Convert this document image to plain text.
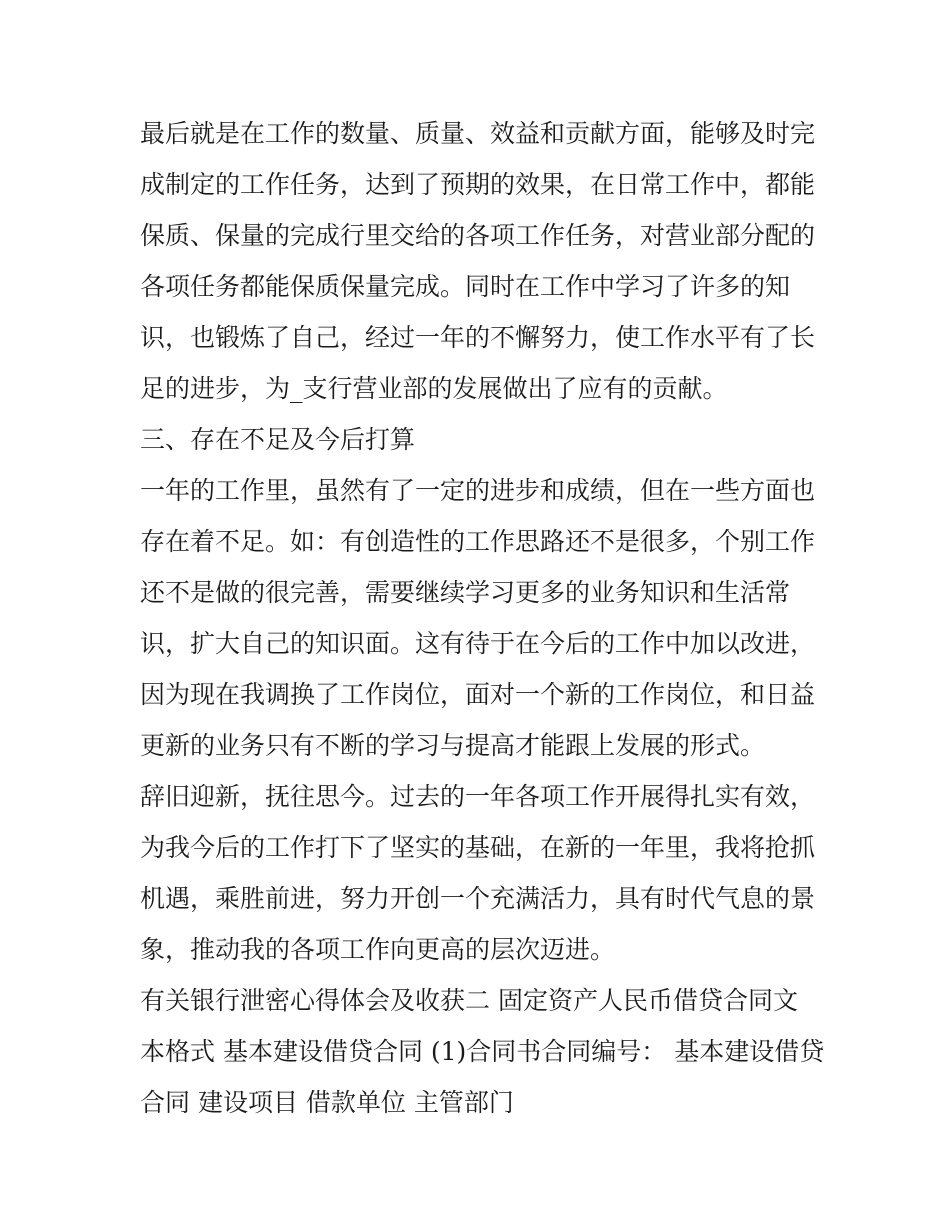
最后就是在工作的数量、质量、效益和贡献方面，能够及时完
成制定的工作任务，达到了预期的效果，在日常工作中，都能
保质、保量的完成行里交给的各项工作任务，对营业部分配的
各项任务都能保质保量完成。同时在工作中学习了许多的知
识，也锻炼了自己，经过一年的不懈努力，使工作水平有了长
足的进步，为_支行营业部的发展做出了应有的贡献。
三、存在不足及今后打算
一年的工作里，虽然有了一定的进步和成绩，但在一些方面也
存在着不足。如：有创造性的工作思路还不是很多，个别工作
还不是做的很完善，需要继续学习更多的业务知识和生活常
识，扩大自己的知识面。这有待于在今后的工作中加以改进，
因为现在我调换了工作岗位，面对一个新的工作岗位，和日益
更新的业务只有不断的学习与提高才能跟上发展的形式。
辞旧迎新，抚往思今。过去的一年各项工作开展得扎实有效，
为我今后的工作打下了坚实的基础，在新的一年里，我将抢抓
机遇，乘胜前进，努力开创一个充满活力，具有时代气息的景
象，推动我的各项工作向更高的层次迈进。
有关银行泄密心得体会及收获二 固定资产人民币借贷合同文
本格式 基本建设借贷合同 (1)合同书合同编号： 基本建设借贷
合同 建设项目 借款单位 主管部门
